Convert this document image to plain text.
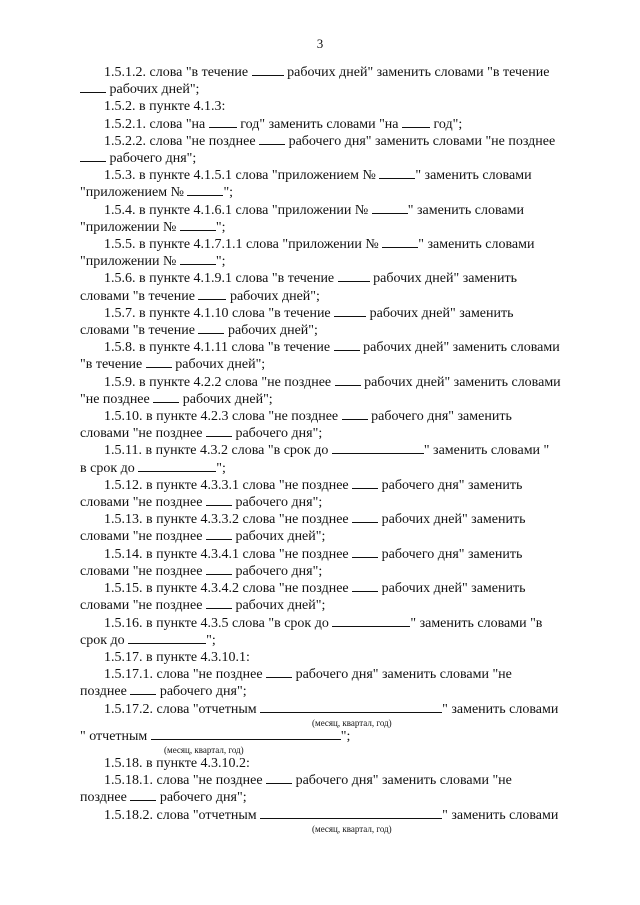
3

1.5.1.2. слова "в течение  рабочих дней" заменить словами "в течение

рабочих дней";

1.5.2. в пункте 4.1.3:

1.5.2.1. слова "на  год" заменить словами "на  год";

1.5.2.2. слова "не позднее  рабочего дня" заменить словами "не позднее

рабочего дня";

1.5.3. в пункте 4.1.5.1 слова "приложением №	" заменить словами

"приложением №	";

1.5.4. в пункте 4.1.6.1 слова "приложении №	" заменить словами

"приложении №	";

1.5.5. в пункте 4.1.7.1.1 слова "приложении №	" заменить словами

"приложении №	";

1.5.6. в пункте 4.1.9.1 слова "в течение  рабочих дней" заменить

словами "в течение  рабочих дней";

1.5.7. в пункте 4.1.10 слова "в течение  рабочих дней" заменить

словами "в течение  рабочих дней";

1.5.8. в пункте 4.1.11 слова "в течение  рабочих дней" заменить словами

"в течение  рабочих дней";

1.5.9. в пункте 4.2.2 слова "не позднее  рабочих дней" заменить словами

"не позднее  рабочих дней";

1.5.10. в пункте 4.2.3 слова "не позднее  рабочего дня" заменить

словами "не позднее  рабочего дня";

1.5.11. в пункте 4.3.2 слова "в срок до	" заменить словами "

в срок до	";

1.5.12. в пункте 4.3.3.1 слова "не позднее  рабочего дня" заменить

словами "не позднее  рабочего дня";

1.5.13. в пункте 4.3.3.2 слова "не позднее  рабочих дней" заменить

словами "не позднее  рабочих дней";

1.5.14. в пункте 4.3.4.1 слова "не позднее  рабочего дня" заменить

словами "не позднее  рабочего дня";

1.5.15. в пункте 4.3.4.2 слова "не позднее  рабочих дней" заменить

словами "не позднее  рабочих дней";

1.5.16. в пункте 4.3.5 слова "в срок до	" заменить словами "в

срок до	";

1.5.17. в пункте 4.3.10.1:

1.5.17.1. слова "не позднее  рабочего дня" заменить словами "не

позднее  рабочего дня";

1.5.17.2. слова "отчетным	" заменить словами

(месяц, квартал, год)

" отчетным	";

(месяц, квартал, год)

1.5.18. в пункте 4.3.10.2:

1.5.18.1. слова "не позднее  рабочего дня" заменить словами "не

позднее  рабочего дня";

1.5.18.2. слова "отчетным	" заменить словами

(месяц, квартал, год)
